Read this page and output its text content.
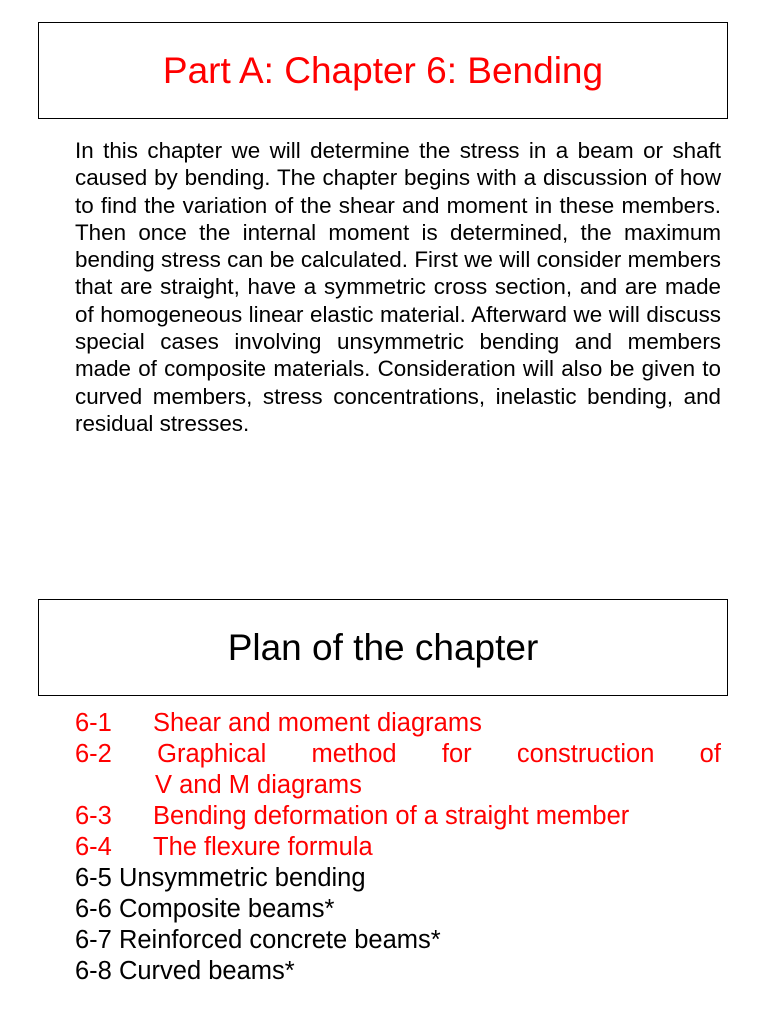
Part A: Chapter 6: Bending

In this chapter we will determine the stress in a beam or shaft caused by bending. The chapter begins with a discussion of how to find the variation of the shear and moment in these members. Then once the internal moment is determined, the maximum bending stress can be calculated. First we will consider members that are straight, have a symmetric cross section, and are made of homogeneous linear elastic material. Afterward we will discuss special cases involving unsymmetric bending and members made of composite materials. Consideration will also be given to curved members, stress concentrations, inelastic bending, and residual stresses.

Plan of the chapter
6-1 Shear and moment diagrams
6-2 Graphical method for construction of
V and M diagrams
6-3 Bending deformation of a straight member
6-4 The flexure formula
6-5 Unsymmetric bending
6-6 Composite beams*
6-7 Reinforced concrete beams*
6-8 Curved beams*
